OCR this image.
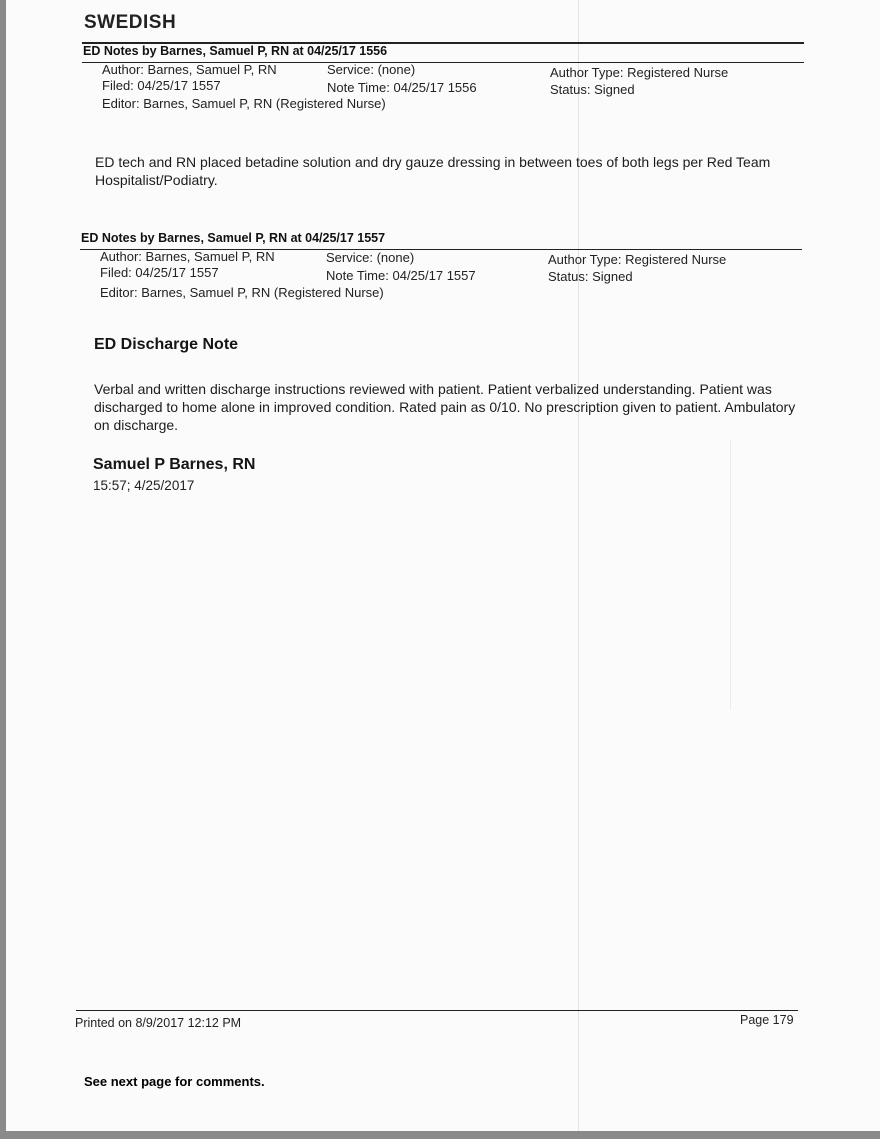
SWEDISH
ED Notes by Barnes, Samuel P, RN at 04/25/17 1556
Author: Barnes, Samuel P, RN	Service: (none)	Author Type: Registered Nurse
Filed: 04/25/17 1557	Note Time: 04/25/17 1556	Status: Signed
Editor: Barnes, Samuel P, RN (Registered Nurse)
ED tech and RN placed betadine solution and dry gauze dressing in between toes of both legs per Red Team Hospitalist/Podiatry.
ED Notes by Barnes, Samuel P, RN at 04/25/17 1557
Author: Barnes, Samuel P, RN	Service: (none)	Author Type: Registered Nurse
Filed: 04/25/17 1557	Note Time: 04/25/17 1557	Status: Signed
Editor: Barnes, Samuel P, RN (Registered Nurse)
ED Discharge Note
Verbal and written discharge instructions reviewed with patient. Patient verbalized understanding. Patient was discharged to home alone in improved condition. Rated pain as 0/10. No prescription given to patient. Ambulatory on discharge.
Samuel P Barnes, RN
15:57; 4/25/2017
Printed on 8/9/2017 12:12 PM	Page 179
See next page for comments.
